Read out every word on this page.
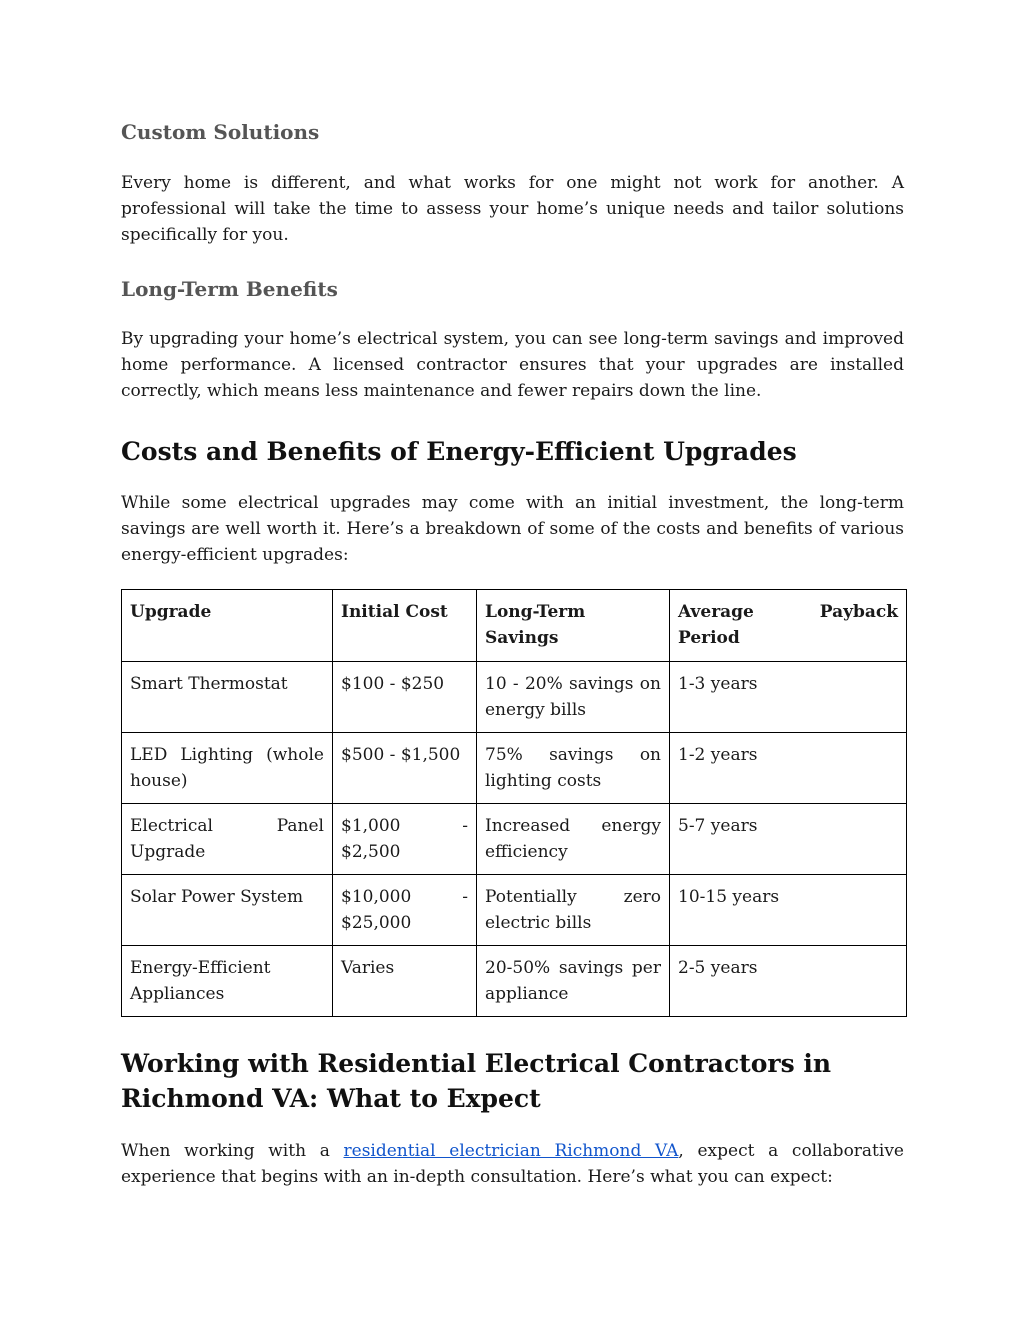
Custom Solutions

Every home is different, and what works for one might not work for another. A professional will take the time to assess your home’s unique needs and tailor solutions specifically for you.

Long-Term Benefits

By upgrading your home’s electrical system, you can see long-term savings and improved home performance. A licensed contractor ensures that your upgrades are installed correctly, which means less maintenance and fewer repairs down the line.

Costs and Benefits of Energy-Efficient Upgrades

While some electrical upgrades may come with an initial investment, the long-term savings are well worth it. Here’s a breakdown of some of the costs and benefits of various energy-efficient upgrades:

Upgrade	Initial Cost	Long-Term Savings	Average Payback Period
Smart Thermostat	$100 - $250	10 - 20% savings on energy bills	1-3 years
LED Lighting (whole house)	$500 - $1,500	75% savings on lighting costs	1-2 years
Electrical Panel Upgrade	$1,000 - $2,500	Increased energy efficiency	5-7 years
Solar Power System	$10,000 - $25,000	Potentially zero electric bills	10-15 years
Energy-Efficient Appliances	Varies	20-50% savings per appliance	2-5 years
Working with Residential Electrical Contractors in Richmond VA: What to Expect

When working with a residential electrician Richmond VA, expect a collaborative experience that begins with an in-depth consultation. Here’s what you can expect:
